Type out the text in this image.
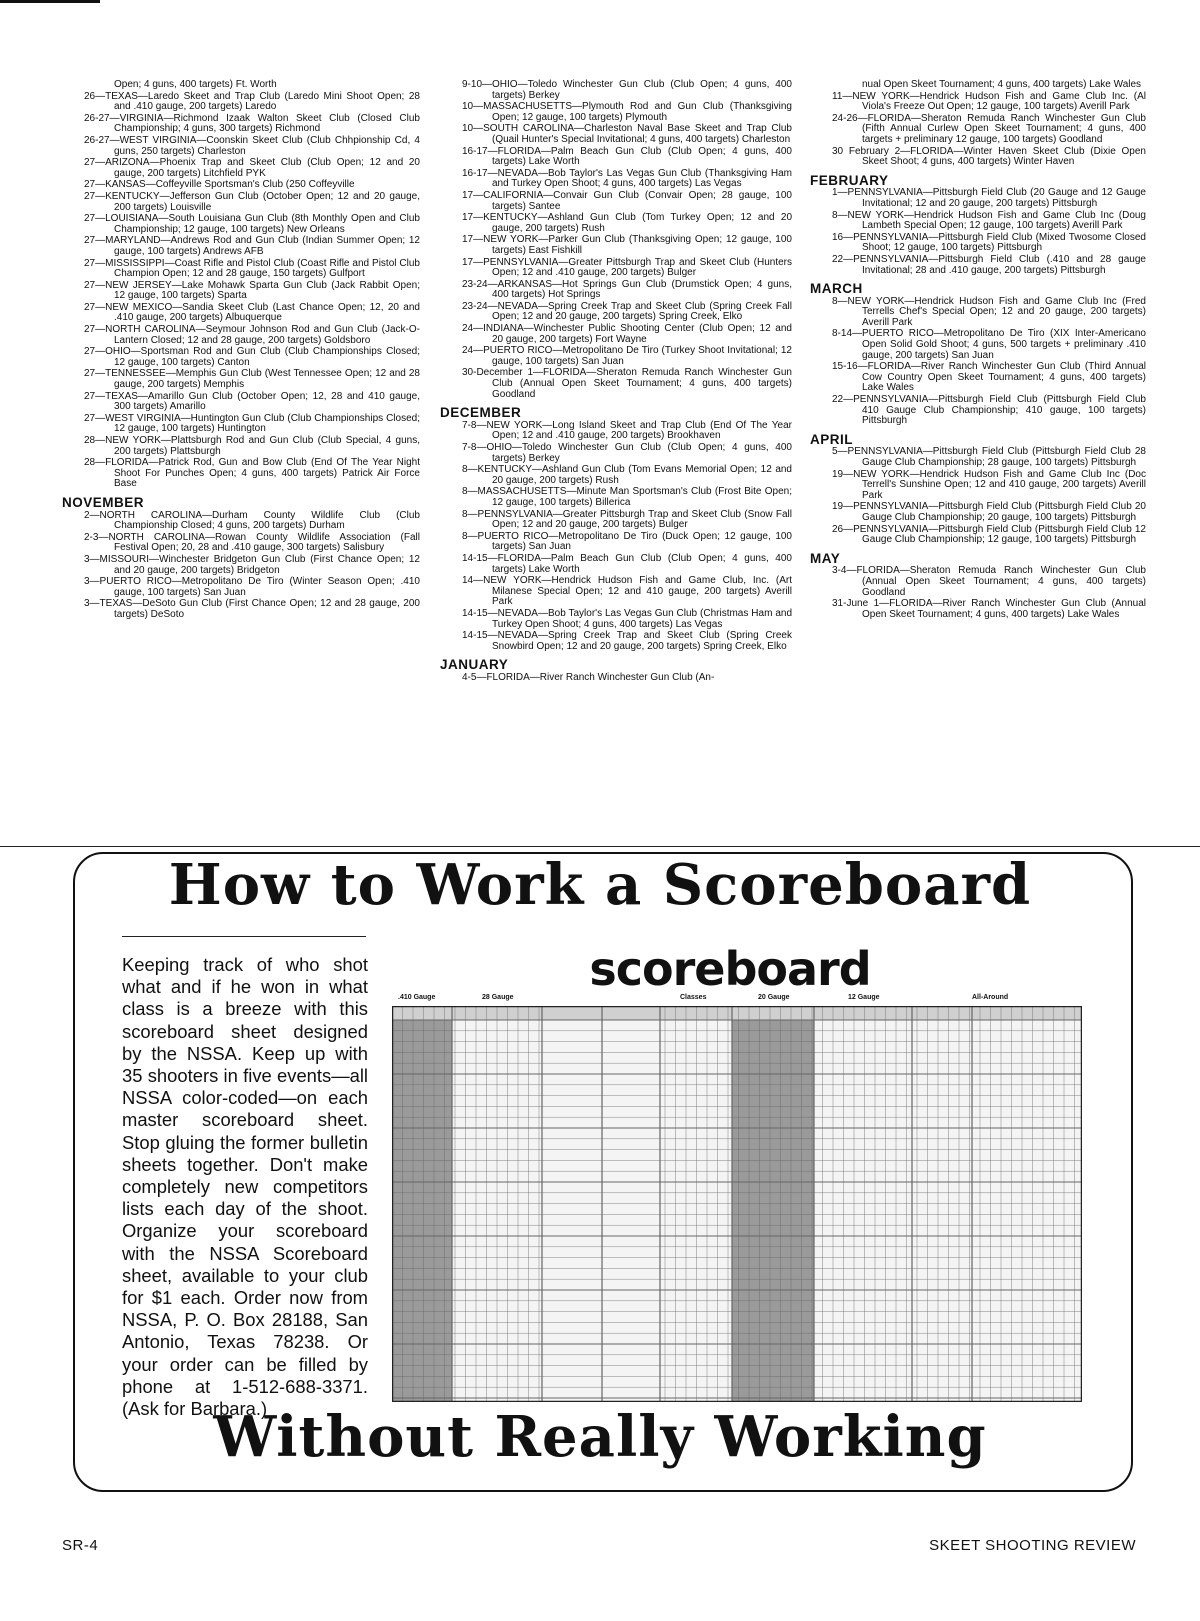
Open; 4 guns, 400 targets) Ft. Worth
26—TEXAS—Laredo Skeet and Trap Club (Laredo Mini Shoot Open; 28 and .410 gauge, 200 targets) Laredo
26-27—VIRGINIA—Richmond Izaak Walton Skeet Club (Closed Club Championship; 4 guns, 300 targets) Richmond
26-27—WEST VIRGINIA—Coonskin Skeet Club (Club Chhpionship Cd, 4 guns, 250 targets) Charleston
27—ARIZONA—Phoenix Trap and Skeet Club (Club Open; 12 and 20 gauge, 200 targets) Litchfield PYK
27—KANSAS—Coffeyville Sportsman's Club (250 Coffeyville
27—KENTUCKY—Jefferson Gun Club (October Open; 12 and 20 gauge, 200 targets) Louisville
27—LOUISIANA—South Louisiana Gun Club (8th Monthly Open and Club Championship; 12 gauge, 100 targets) New Orleans
27—MARYLAND—Andrews Rod and Gun Club (Indian Summer Open; 12 gauge, 100 targets) Andrews AFB
27—MISSISSIPPI—Coast Rifle and Pistol Club (Coast Rifle and Pistol Club Champion Open; 12 and 28 gauge, 150 targets) Gulfport
27—NEW JERSEY—Lake Mohawk Sparta Gun Club (Jack Rabbit Open; 12 gauge, 100 targets) Sparta
27—NEW MEXICO—Sandia Skeet Club (Last Chance Open; 12, 20 and .410 gauge, 200 targets) Albuquerque
27—NORTH CAROLINA—Seymour Johnson Rod and Gun Club (Jack-O-Lantern Closed; 12 and 28 gauge, 200 targets) Goldsboro
27—OHIO—Sportsman Rod and Gun Club (Club Championships Closed; 12 gauge, 100 targets) Canton
27—TENNESSEE—Memphis Gun Club (West Tennessee Open; 12 and 28 gauge, 200 targets) Memphis
27—TEXAS—Amarillo Gun Club (October Open; 12, 28 and 410 gauge, 300 targets) Amarillo
27—WEST VIRGINIA—Huntington Gun Club (Club Championships Closed; 12 gauge, 100 targets) Huntington
28—NEW YORK—Plattsburgh Rod and Gun Club (Club Special, 4 guns, 200 targets) Plattsburgh
28—FLORIDA—Patrick Rod, Gun and Bow Club (End Of The Year Night Shoot For Punches Open; 4 guns, 400 targets) Patrick Air Force Base
NOVEMBER
2—NORTH CAROLINA—Durham County Wildlife Club (Club Championship Closed; 4 guns, 200 targets) Durham
2-3—NORTH CAROLINA—Rowan County Wildlife Association (Fall Festival Open; 20, 28 and .410 gauge, 300 targets) Salisbury
3—MISSOURI—Winchester Bridgeton Gun Club (First Chance Open; 12 and 20 gauge, 200 targets) Bridgeton
3—PUERTO RICO—Metropolitano De Tiro (Winter Season Open; .410 gauge, 100 targets) San Juan
3—TEXAS—DeSoto Gun Club (First Chance Open; 12 and 28 gauge, 200 targets) DeSoto
9-10—OHIO—Toledo Winchester Gun Club (Club Open; 4 guns, 400 targets) Berkey
10—MASSACHUSETTS—Plymouth Rod and Gun Club (Thanksgiving Open; 12 gauge, 100 targets) Plymouth
10—SOUTH CAROLINA—Charleston Naval Base Skeet and Trap Club (Quail Hunter's Special Invitational; 4 guns, 400 targets) Charleston
16-17—FLORIDA—Palm Beach Gun Club (Club Open; 4 guns, 400 targets) Lake Worth
16-17—NEVADA—Bob Taylor's Las Vegas Gun Club (Thanksgiving Ham and Turkey Open Shoot; 4 guns, 400 targets) Las Vegas
17—CALIFORNIA—Convair Gun Club (Convair Open; 28 gauge, 100 targets) Santee
17—KENTUCKY—Ashland Gun Club (Tom Turkey Open; 12 and 20 gauge, 200 targets) Rush
17—NEW YORK—Parker Gun Club (Thanksgiving Open; 12 gauge, 100 targets) East Fishkill
17—PENNSYLVANIA—Greater Pittsburgh Trap and Skeet Club (Hunters Open; 12 and .410 gauge, 200 targets) Bulger
23-24—ARKANSAS—Hot Springs Gun Club (Drumstick Open; 4 guns, 400 targets) Hot Springs
23-24—NEVADA—Spring Creek Trap and Skeet Club (Spring Creek Fall Open; 12 and 20 gauge, 200 targets) Spring Creek, Elko
24—INDIANA—Winchester Public Shooting Center (Club Open; 12 and 20 gauge, 200 targets) Fort Wayne
24—PUERTO RICO—Metropolitano De Tiro (Turkey Shoot Invitational; 12 gauge, 100 targets) San Juan
30-December 1—FLORIDA—Sheraton Remuda Ranch Winchester Gun Club (Annual Open Skeet Tournament; 4 guns, 400 targets) Goodland
DECEMBER
7-8—NEW YORK—Long Island Skeet and Trap Club (End Of The Year Open; 12 and .410 gauge, 200 targets) Brookhaven
7-8—OHIO—Toledo Winchester Gun Club (Club Open; 4 guns, 400 targets) Berkey
8—KENTUCKY—Ashland Gun Club (Tom Evans Memorial Open; 12 and 20 gauge, 200 targets) Rush
8—MASSACHUSETTS—Minute Man Sportsman's Club (Frost Bite Open; 12 gauge, 100 targets) Billerica
8—PENNSYLVANIA—Greater Pittsburgh Trap and Skeet Club (Snow Fall Open; 12 and 20 gauge, 200 targets) Bulger
8—PUERTO RICO—Metropolitano De Tiro (Duck Open; 12 gauge, 100 targets) San Juan
14-15—FLORIDA—Palm Beach Gun Club (Club Open; 4 guns, 400 targets) Lake Worth
14—NEW YORK—Hendrick Hudson Fish and Game Club, Inc. (Art Milanese Special Open; 12 and 410 gauge, 200 targets) Averill Park
14-15—NEVADA—Bob Taylor's Las Vegas Gun Club (Christmas Ham and Turkey Open Shoot; 4 guns, 400 targets) Las Vegas
14-15—NEVADA—Spring Creek Trap and Skeet Club (Spring Creek Snowbird Open; 12 and 20 gauge, 200 targets) Spring Creek, Elko
JANUARY
4-5—FLORIDA—River Ranch Winchester Gun Club (An-
nual Open Skeet Tournament; 4 guns, 400 targets) Lake Wales
11—NEW YORK—Hendrick Hudson Fish and Game Club Inc. (Al Viola's Freeze Out Open; 12 gauge, 100 targets) Averill Park
24-26—FLORIDA—Sheraton Remuda Ranch Winchester Gun Club (Fifth Annual Curlew Open Skeet Tournament; 4 guns, 400 targets + preliminary 12 gauge, 100 targets) Goodland
30 February 2—FLORIDA—Winter Haven Skeet Club (Dixie Open Skeet Shoot; 4 guns, 400 targets) Winter Haven
FEBRUARY
1—PENNSYLVANIA—Pittsburgh Field Club (20 Gauge and 12 Gauge Invitational; 12 and 20 gauge, 200 targets) Pittsburgh
8—NEW YORK—Hendrick Hudson Fish and Game Club Inc (Doug Lambeth Special Open; 12 gauge, 100 targets) Averill Park
16—PENNSYLVANIA—Pittsburgh Field Club (Mixed Twosome Closed Shoot; 12 gauge, 100 targets) Pittsburgh
22—PENNSYLVANIA—Pittsburgh Field Club (.410 and 28 gauge Invitational; 28 and .410 gauge, 200 targets) Pittsburgh
MARCH
8—NEW YORK—Hendrick Hudson Fish and Game Club Inc (Fred Terrells Chef's Special Open; 12 and 20 gauge, 200 targets) Averill Park
8-14—PUERTO RICO—Metropolitano De Tiro (XIX Inter-Americano Open Solid Gold Shoot; 4 guns, 500 targets + preliminary .410 gauge, 200 targets) San Juan
15-16—FLORIDA—River Ranch Winchester Gun Club (Third Annual Cow Country Open Skeet Tournament; 4 guns, 400 targets) Lake Wales
22—PENNSYLVANIA—Pittsburgh Field Club (Pittsburgh Field Club 410 Gauge Club Championship; 410 gauge, 100 targets) Pittsburgh
APRIL
5—PENNSYLVANIA—Pittsburgh Field Club (Pittsburgh Field Club 28 Gauge Club Championship; 28 gauge, 100 targets) Pittsburgh
19—NEW YORK—Hendrick Hudson Fish and Game Club Inc (Doc Terrell's Sunshine Open; 12 and 410 gauge, 200 targets) Averill Park
19—PENNSYLVANIA—Pittsburgh Field Club (Pittsburgh Field Club 20 Gauge Club Championship; 20 gauge, 100 targets) Pittsburgh
26—PENNSYLVANIA—Pittsburgh Field Club (Pittsburgh Field Club 12 Gauge Club Championship; 12 gauge, 100 targets) Pittsburgh
MAY
3-4—FLORIDA—Sheraton Remuda Ranch Winchester Gun Club (Annual Open Skeet Tournament; 4 guns, 400 targets) Goodland
31-June 1—FLORIDA—River Ranch Winchester Gun Club (Annual Open Skeet Tournament; 4 guns, 400 targets) Lake Wales
How to Work a Scoreboard
Keeping track of who shot what and if he won in what class is a breeze with this scoreboard sheet designed by the NSSA. Keep up with 35 shooters in five events—all NSSA color-coded—on each master scoreboard sheet. Stop gluing the former bulletin sheets together. Don't make completely new competitors lists each day of the shoot. Organize your scoreboard with the NSSA Scoreboard sheet, available to your club for $1 each. Order now from NSSA, P. O. Box 28188, San Antonio, Texas 78238. Or your order can be filled by phone at 1-512-688-3371. (Ask for Barbara.)
scoreboard
.410 Gauge	28 Gauge	Classes	20 Gauge	12 Gauge	All-Around
Without Really Working
SR-4	SKEET SHOOTING REVIEW
